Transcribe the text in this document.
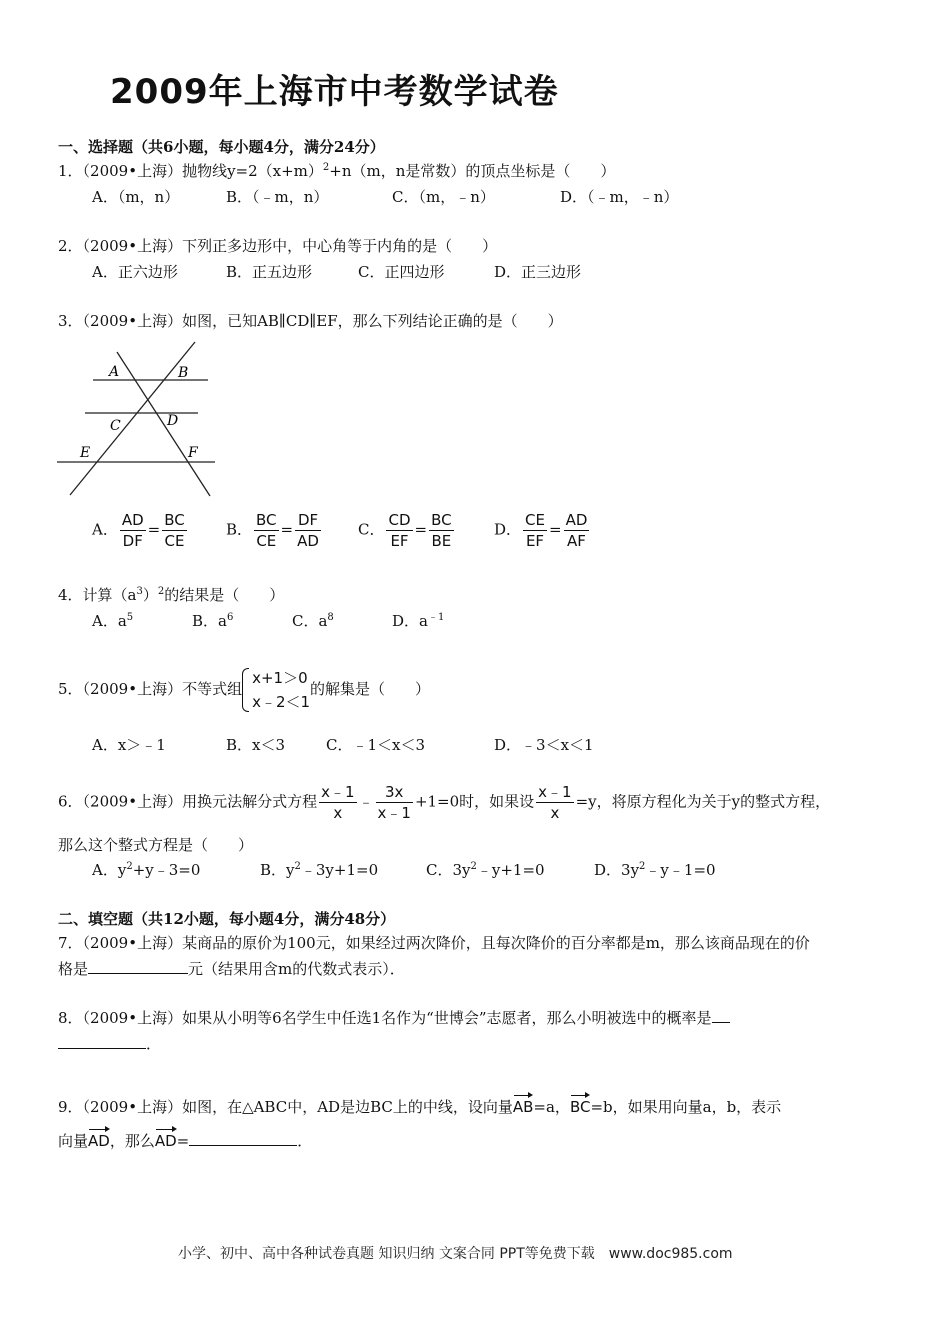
2009年上海市中考数学试卷
一、选择题（共6小题，每小题4分，满分24分）
1．（2009•上海）抛物线$y=2(x+m)^2+n(m$，n是常数）的顶点坐标是（　　）
A．（m，n）	B．（﹣m，n）	C．（m，﹣n）	D．（﹣m，﹣n）
2．（2009•上海）下列正多边形中，中心角等于内角的是（　　）
A．正六边形	B．正五边形	C．正四边形	D．正三边形
3．（2009•上海）如图，已知AB∥CD∥EF，那么下列结论正确的是（　　）
A	B
C	D
E	F
A． $\frac{AD}{DF} = \frac{BC}{CE}$	B． $\frac{BC}{CE} = \frac{DF}{AD}$ C． $\frac{CD}{EF} = \frac{BC}{BE}$	D． $\frac{CE}{EF} = \frac{AD}{AF}$
4．计算$(a^3)^2$的结果是（　　）
A．$a^5$	B．$a^6$	C．$a^8$	D．$a^{﹣1}$
5．（2009•上海）不等式组
x+1＞0
x﹣2＜1
的解集是（　　）
A．x＞﹣1	B．x＜3	C．﹣1＜x＜3	D．﹣3＜x＜1
6．（2009•上海）用换元法解分式方程 $\frac{x﹣1}{x}$ ﹣ $\frac{3x}{x﹣1} +1=0$时，如果设 $\frac{x﹣1}{x} =y$，将原方程化为关于y的整式方程，
那么这个整式方程是（　　）
A．$y^2+y﹣3=0$	B．$y^2﹣3y+1=0$	C．$3y^2﹣y+1=0$	D．$3y^2﹣y﹣1=0$
二、填空题（共12小题，每小题4分，满分48分）
7．（2009•上海）某商品的原价为100元，如果经过两次降价，且每次降价的百分率都是m，那么该商品现在的价
格是	元（结果用含m的代数式表示）．
8．（2009•上海）如果从小明等6名学生中任选1名作为“世博会”志愿者，那么小明被选中的概率是
．
9．（2009•上海）如图，在△ABC中，AD是边BC上的中线，设向量AB=a，BC=b，如果用向量a，b，表示
向量AD，那么AD=	．
小学、初中、高中各种试卷真题 知识归纳 文案合同 PPT等免费下载　www.doc985.com
